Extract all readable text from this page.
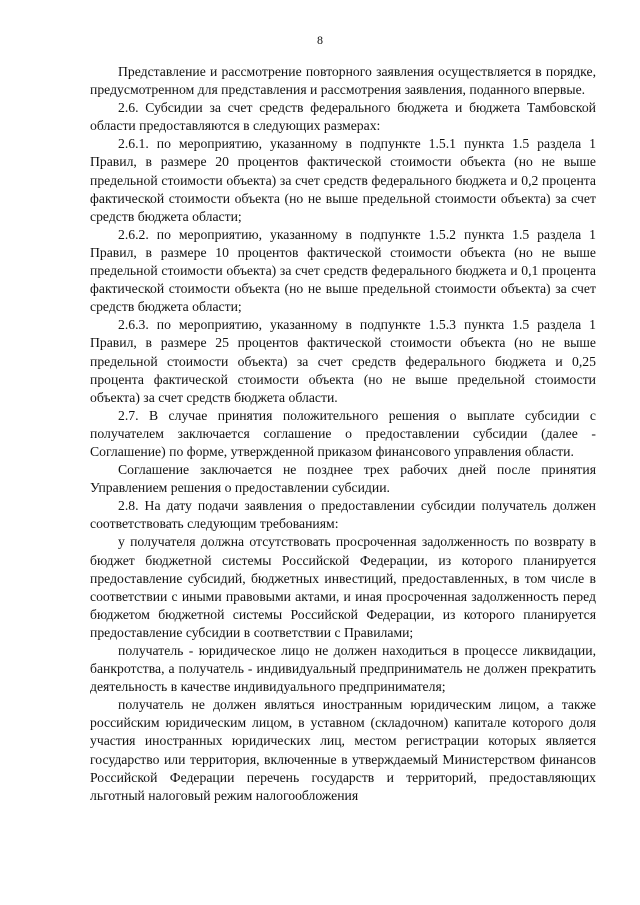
8

Представление и рассмотрение повторного заявления осуществляется в порядке, предусмотренном для представления и рассмотрения заявления, поданного впервые.

2.6. Субсидии за счет средств федерального бюджета и бюджета Тамбовской области предоставляются в следующих размерах:

2.6.1. по мероприятию, указанному в подпункте 1.5.1 пункта 1.5 раздела 1 Правил, в размере 20 процентов фактической стоимости объекта (но не выше предельной стоимости объекта) за счет средств федерального бюджета и 0,2 процента фактической стоимости объекта (но не выше предельной стоимости объекта) за счет средств бюджета области;

2.6.2. по мероприятию, указанному в подпункте 1.5.2 пункта 1.5 раздела 1 Правил, в размере 10 процентов фактической стоимости объекта (но не выше предельной стоимости объекта) за счет средств федерального бюджета и 0,1 процента фактической стоимости объекта (но не выше предельной стоимости объекта) за счет средств бюджета области;

2.6.3. по мероприятию, указанному в подпункте 1.5.3 пункта 1.5 раздела 1 Правил, в размере 25 процентов фактической стоимости объекта (но не выше предельной стоимости объекта) за счет средств федерального бюджета и 0,25 процента фактической стоимости объекта (но не выше предельной стоимости объекта) за счет средств бюджета области.

2.7. В случае принятия положительного решения о выплате субсидии с получателем заключается соглашение о предоставлении субсидии (далее - Соглашение) по форме, утвержденной приказом финансового управления области.

Соглашение заключается не позднее трех рабочих дней после принятия Управлением решения о предоставлении субсидии.

2.8. На дату подачи заявления о предоставлении субсидии получатель должен соответствовать следующим требованиям:

у получателя должна отсутствовать просроченная задолженность по возврату в бюджет бюджетной системы Российской Федерации, из которого планируется предоставление субсидий, бюджетных инвестиций, предоставленных, в том числе в соответствии с иными правовыми актами, и иная просроченная задолженность перед бюджетом бюджетной системы Российской Федерации, из которого планируется предоставление субсидии в соответствии с Правилами;

получатель - юридическое лицо не должен находиться в процессе ликвидации, банкротства, а получатель - индивидуальный предприниматель не должен прекратить деятельность в качестве индивидуального предпринимателя;

получатель не должен являться иностранным юридическим лицом, а также российским юридическим лицом, в уставном (складочном) капитале которого доля участия иностранных юридических лиц, местом регистрации которых является государство или территория, включенные в утверждаемый Министерством финансов Российской Федерации перечень государств и территорий, предоставляющих льготный налоговый режим налогообложения
